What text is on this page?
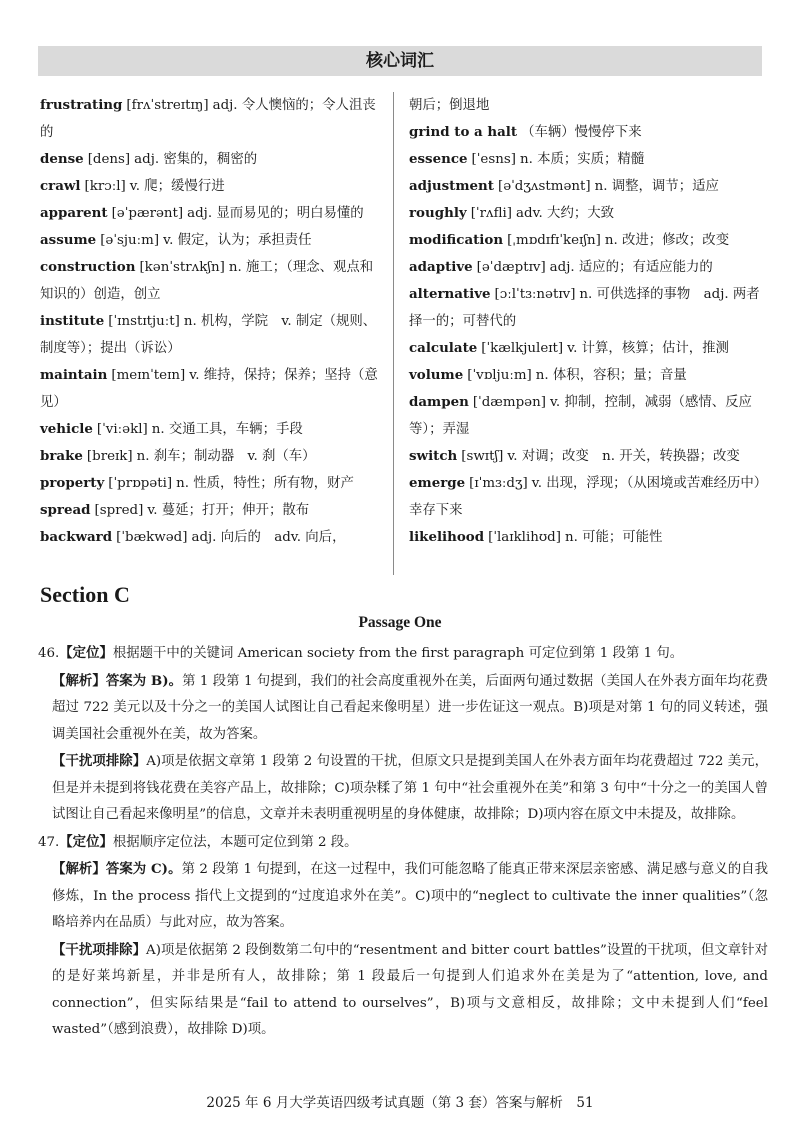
核心词汇

frustrating [frʌˈstreɪtɪŋ] adj. 令人懊恼的；令人沮丧的

dense [dens] adj. 密集的，稠密的

crawl [krɔːl] v. 爬；缓慢行进

apparent [əˈpærənt] adj. 显而易见的；明白易懂的

assume [əˈsjuːm] v. 假定，认为；承担责任

construction [kənˈstrʌkʃn] n. 施工；（理念、观点和知识的）创造，创立

institute [ˈɪnstɪtjuːt] n. 机构，学院　v. 制定（规则、制度等）；提出（诉讼）

maintain [meɪnˈteɪn] v. 维持，保持；保养；坚持（意见）

vehicle [ˈviːəkl] n. 交通工具，车辆；手段

brake [breɪk] n. 刹车；制动器　v. 刹（车）

property [ˈprɒpəti] n. 性质，特性；所有物，财产

spread [spred] v. 蔓延；打开；伸开；散布

backward [ˈbækwəd] adj. 向后的　adv. 向后，

朝后；倒退地

grind to a halt （车辆）慢慢停下来

essence [ˈesns] n. 本质；实质；精髓

adjustment [əˈdʒʌstmənt] n. 调整，调节；适应

roughly [ˈrʌfli] adv. 大约；大致

modification [ˌmɒdɪfɪˈkeɪʃn] n. 改进；修改；改变

adaptive [əˈdæptɪv] adj. 适应的；有适应能力的

alternative [ɔːlˈtɜːnətɪv] n. 可供选择的事物　adj. 两者择一的；可替代的

calculate [ˈkælkjuleɪt] v. 计算，核算；估计，推测

volume [ˈvɒljuːm] n. 体积，容积；量；音量

dampen [ˈdæmpən] v. 抑制，控制，减弱（感情、反应等）；弄湿

switch [swɪtʃ] v. 对调；改变　n. 开关，转换器；改变

emerge [ɪˈmɜːdʒ] v. 出现，浮现；（从困境或苦难经历中）幸存下来

likelihood [ˈlaɪklihʊd] n. 可能；可能性

Section C
Passage One

46.【定位】根据题干中的关键词 American society from the first paragraph 可定位到第 1 段第 1 句。

【解析】答案为 B)。第 1 段第 1 句提到，我们的社会高度重视外在美，后面两句通过数据（美国人在外表方面年均花费超过 722 美元以及十分之一的美国人试图让自己看起来像明星）进一步佐证这一观点。B)项是对第 1 句的同义转述，强调美国社会重视外在美，故为答案。

【干扰项排除】A)项是依据文章第 1 段第 2 句设置的干扰，但原文只是提到美国人在外表方面年均花费超过 722 美元，但是并未提到将钱花费在美容产品上，故排除；C)项杂糅了第 1 句中“社会重视外在美”和第 3 句中“十分之一的美国人曾试图让自己看起来像明星”的信息，文章并未表明重视明星的身体健康，故排除；D)项内容在原文中未提及，故排除。

47.【定位】根据顺序定位法，本题可定位到第 2 段。

【解析】答案为 C)。第 2 段第 1 句提到，在这一过程中，我们可能忽略了能真正带来深层亲密感、满足感与意义的自我修炼，In the process 指代上文提到的“过度追求外在美”。C)项中的“neglect to cultivate the inner qualities”（忽略培养内在品质）与此对应，故为答案。

【干扰项排除】A)项是依据第 2 段倒数第二句中的“resentment and bitter court battles”设置的干扰项，但文章针对的是好莱坞新星，并非是所有人，故排除；第 1 段最后一句提到人们追求外在美是为了“attention, love, and connection”，但实际结果是“fail to attend to ourselves”，B)项与文意相反，故排除；文中未提到人们“feel wasted”（感到浪费），故排除 D)项。

2025 年 6 月大学英语四级考试真题（第 3 套）答案与解析　51
